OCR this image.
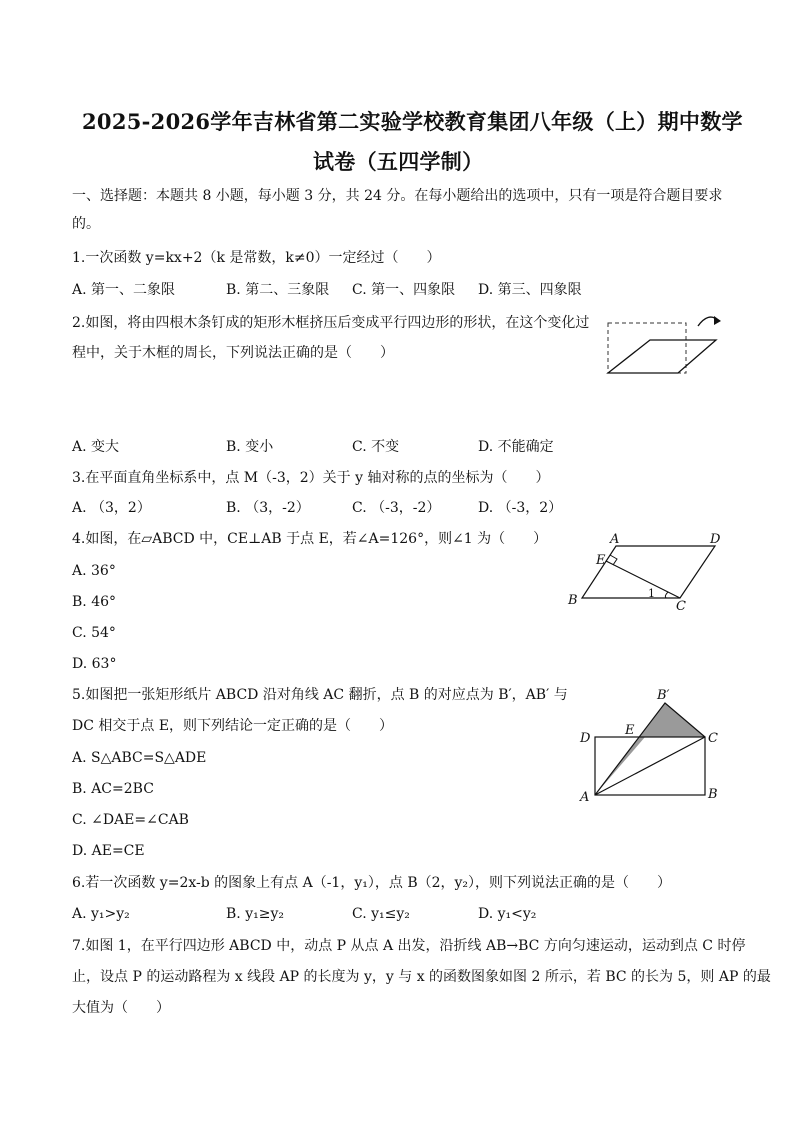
2025-2026学年吉林省第二实验学校教育集团八年级（上）期中数学
试卷（五四学制）
一、选择题：本题共 8 小题，每小题 3 分，共 24 分。在每小题给出的选项中，只有一项是符合题目要求
的。
1.一次函数 y=kx+2（k 是常数，k≠0）一定经过（　　）
A. 第一、二象限	B. 第二、三象限 C. 第一、四象限 D. 第三、四象限
2.如图，将由四根木条钉成的矩形木框挤压后变成平行四边形的形状，在这个变化过
程中，关于木框的周长，下列说法正确的是（　　）
A. 变大	B. 变小	C. 不变	D. 不能确定
3.在平面直角坐标系中，点 M（-3，2）关于 y 轴对称的点的坐标为（　　）
A. （3，2）	B. （3，-2）	C. （-3，-2）	D. （-3，2）
4.如图，在▱ABCD 中，CE⊥AB 于点 E，若∠A=126°，则∠1 为（　　）
A. 36°
B. 46°
C. 54°
D. 63°
A	D
E
B	C
1
5.如图把一张矩形纸片 ABCD 沿对角线 AC 翻折，点 B 的对应点为 B′，AB′ 与
DC 相交于点 E，则下列结论一定正确的是（　　）
A. S△ABC=S△ADE
B. AC=2BC
C. ∠DAE=∠CAB
D. AE=CE
B′
D
E
C
A	B
6.若一次函数 y=2x-b 的图象上有点 A（-1，y₁），点 B（2，y₂），则下列说法正确的是（　　）
A. y₁>y₂	B. y₁≥y₂	C. y₁≤y₂	D. y₁<y₂
7.如图 1，在平行四边形 ABCD 中，动点 P 从点 A 出发，沿折线 AB→BC 方向匀速运动，运动到点 C 时停
止，设点 P 的运动路程为 x 线段 AP 的长度为 y，y 与 x 的函数图象如图 2 所示，若 BC 的长为 5，则 AP 的最
大值为（　　）
